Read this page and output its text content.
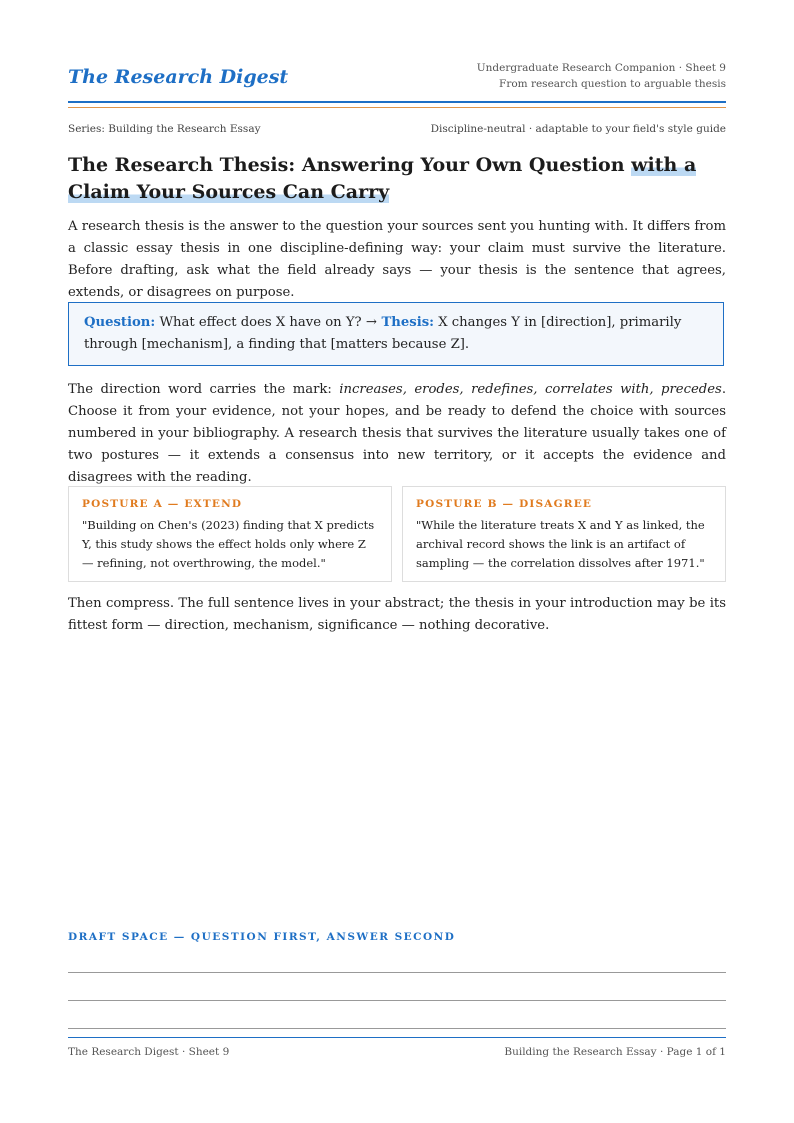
The Research Digest	Undergraduate Research Companion · Sheet 9
From research question to arguable thesis
Series: Building the Research Essay	Discipline-neutral · adaptable to your field's style guide
The Research Thesis: Answering Your Own Question with a Claim Your Sources Can Carry

A research thesis is the answer to the question your sources sent you hunting with. It differs from a classic essay thesis in one discipline-defining way: your claim must survive the literature. Before drafting, ask what the field already says — your thesis is the sentence that agrees, extends, or disagrees on purpose.

Question: What effect does X have on Y? → Thesis: X changes Y in [direction], primarily through [mechanism], a finding that [matters because Z].

The direction word carries the mark: increases, erodes, redefines, correlates with, precedes. Choose it from your evidence, not your hopes, and be ready to defend the choice with sources numbered in your bibliography. A research thesis that survives the literature usually takes one of two postures — it extends a consensus into new territory, or it accepts the evidence and disagrees with the reading.

POSTURE A — EXTEND
"Building on Chen's (2023) finding that X predicts Y, this study shows the effect holds only where Z — refining, not overthrowing, the model."
POSTURE B — DISAGREE
"While the literature treats X and Y as linked, the archival record shows the link is an artifact of sampling — the correlation dissolves after 1971."

Then compress. The full sentence lives in your abstract; the thesis in your introduction may be its fittest form — direction, mechanism, significance — nothing decorative.

DRAFT SPACE — QUESTION FIRST, ANSWER SECOND
The Research Digest · Sheet 9	Building the Research Essay · Page 1 of 1
